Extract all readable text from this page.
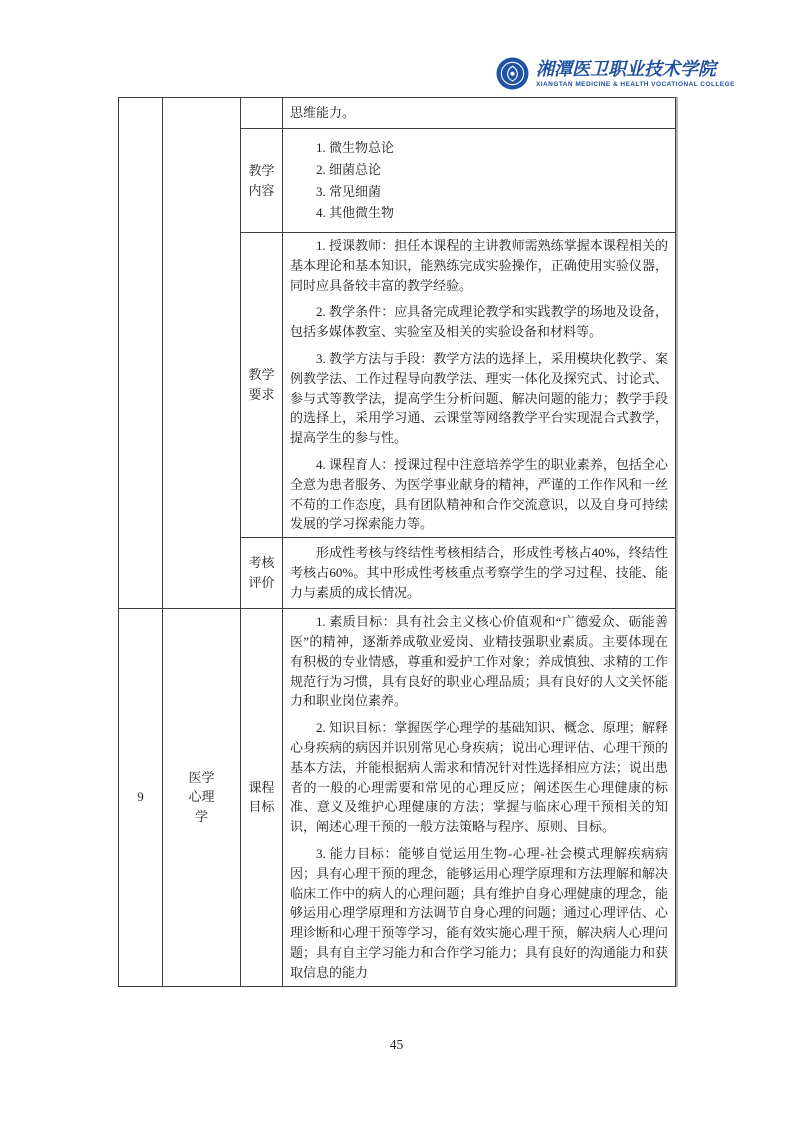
湘潭医卫职业技术学院
XIANGTAN MEDICINE & HEALTH VOCATIONAL COLLEGE

			思维能力。

		教学内容	1. 微生物总论

2. 细菌总论

3. 常见细菌

4. 其他微生物

		教学要求	1. 授课教师：担任本课程的主讲教师需熟练掌握本课程相关的基本理论和基本知识，能熟练完成实验操作，正确使用实验仪器，同时应具备较丰富的教学经验。

2. 教学条件：应具备完成理论教学和实践教学的场地及设备，包括多媒体教室、实验室及相关的实验设备和材料等。

3. 教学方法与手段：教学方法的选择上，采用模块化教学、案例教学法、工作过程导向教学法、理实一体化及探究式、讨论式、参与式等教学法，提高学生分析问题、解决问题的能力；教学手段的选择上，采用学习通、云课堂等网络教学平台实现混合式教学，提高学生的参与性。

4. 课程育人：授课过程中注意培养学生的职业素养，包括全心全意为患者服务、为医学事业献身的精神，严谨的工作作风和一丝不苟的工作态度，具有团队精神和合作交流意识，以及自身可持续发展的学习探索能力等。

		考核评价	形成性考核与终结性考核相结合，形成性考核占40%，终结性考核占60%。其中形成性考核重点考察学生的学习过程、技能、能力与素质的成长情况。

9	医学心理学	课程目标	1. 素质目标：具有社会主义核心价值观和“广德爱众、砺能善医”的精神，逐渐养成敬业爱岗、业精技强职业素质。主要体现在有积极的专业情感，尊重和爱护工作对象；养成慎独、求精的工作规范行为习惯，具有良好的职业心理品质；具有良好的人文关怀能力和职业岗位素养。

2. 知识目标：掌握医学心理学的基础知识、概念、原理；解释心身疾病的病因并识别常见心身疾病；说出心理评估、心理干预的基本方法，并能根据病人需求和情况针对性选择相应方法；说出患者的一般的心理需要和常见的心理反应；阐述医生心理健康的标准、意义及维护心理健康的方法；掌握与临床心理干预相关的知识，阐述心理干预的一般方法策略与程序、原则、目标。

3. 能力目标：能够自觉运用生物-心理-社会模式理解疾病病因；具有心理干预的理念，能够运用心理学原理和方法理解和解决临床工作中的病人的心理问题；具有维护自身心理健康的理念，能够运用心理学原理和方法调节自身心理的问题；通过心理评估、心理诊断和心理干预等学习，能有效实施心理干预，解决病人心理问题；具有自主学习能力和合作学习能力；具有良好的沟通能力和获取信息的能力

45
